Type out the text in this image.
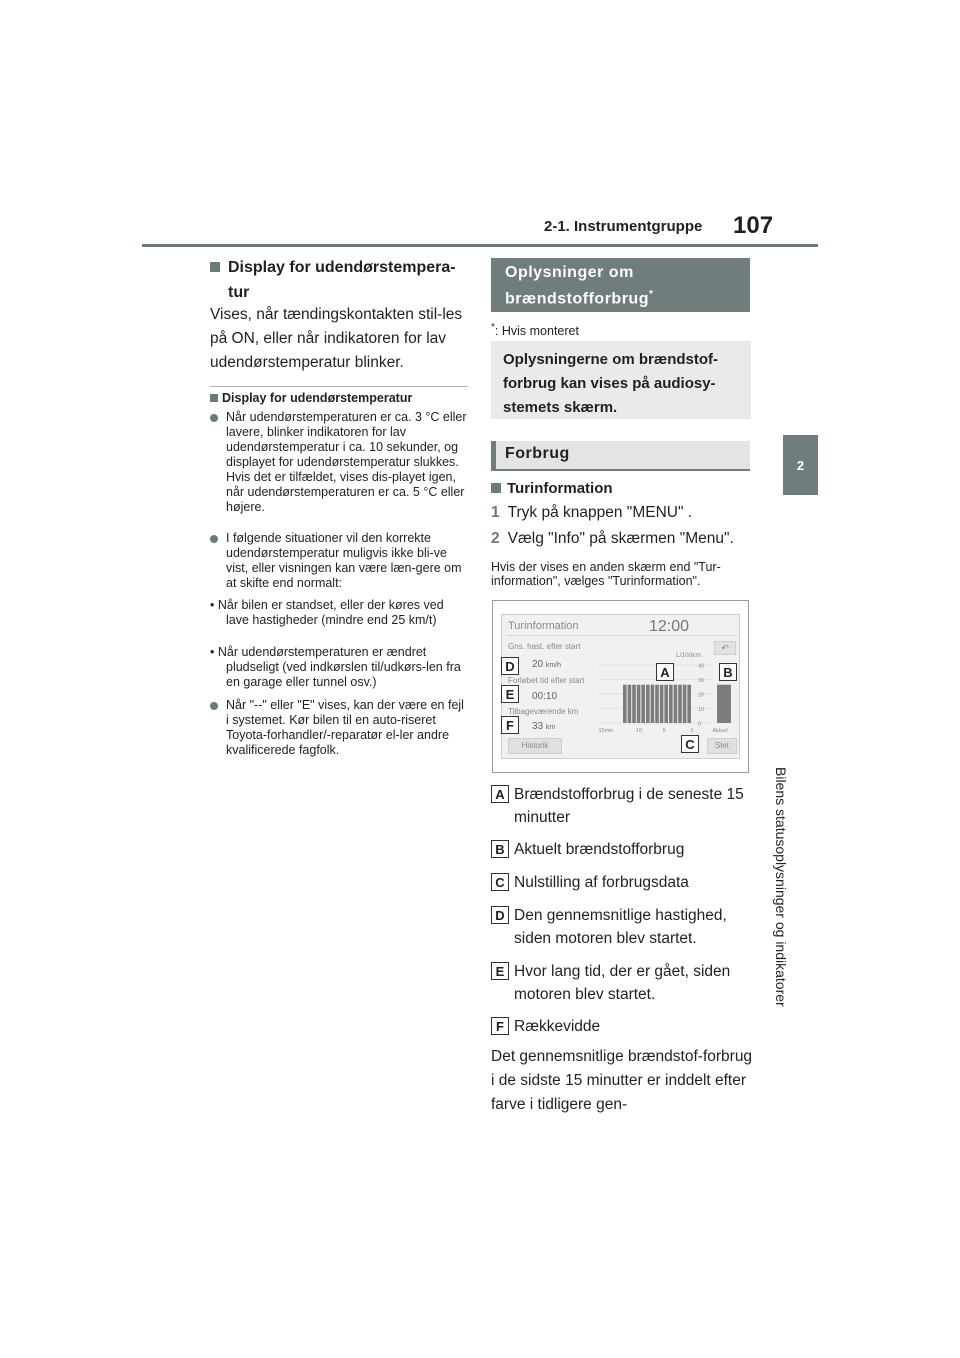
2-1. Instrumentgruppe 107
2
Bilens statusoplysninger og indikatorer
Display for udendørstempera-tur
Vises, når tændingskontakten stil-les på ON, eller når indikatoren for lav udendørstemperatur blinker.
Display for udendørstemperatur
Når udendørstemperaturen er ca. 3 °C eller lavere, blinker indikatoren for lav udendørstemperatur i ca. 10 sekunder, og displayet for udendørstemperatur slukkes. Hvis det er tilfældet, vises dis-playet igen, når udendørstemperaturen er ca. 5 °C eller højere.
I følgende situationer vil den korrekte udendørstemperatur muligvis ikke bli-ve vist, eller visningen kan være læn-gere om at skifte end normalt:
• Når bilen er standset, eller der køres ved lave hastigheder (mindre end 25 km/t)
• Når udendørstemperaturen er ændret pludseligt (ved indkørslen til/udkørs-len fra en garage eller tunnel osv.)
Når "--" eller "E" vises, kan der være en fejl i systemet. Kør bilen til en auto-riseret Toyota-forhandler/-reparatør el-ler andre kvalificerede fagfolk.
Oplysninger om brændstofforbrug*
*: Hvis monteret
Oplysningerne om brændstof-forbrug kan vises på audiosy-stemets skærm.
Forbrug
Turinformation
1 Tryk på knappen "MENU" .
2 Vælg "Info" på skærmen "Menu".
Hvis der vises en anden skærm end "Tur-information", vælges "Turinformation".
Turinformation	12:00
Gns. hast. efter start
20 km/h
Forløbet tid efter start
00:10
Tilbageværende km
33 km
Historik	Slet
↶
L/100km
40
30
20
10
0
15min	10	5	0	Aktuel
D
E
F
A	B
C
A Brændstofforbrug i de seneste 15 minutter
B Aktuelt brændstofforbrug
C Nulstilling af forbrugsdata
D Den gennemsnitlige hastighed, siden motoren blev startet.
E Hvor lang tid, der er gået, siden motoren blev startet.
F Rækkevidde
Det gennemsnitlige brændstof-forbrug i de sidste 15 minutter er inddelt efter farve i tidligere gen-
